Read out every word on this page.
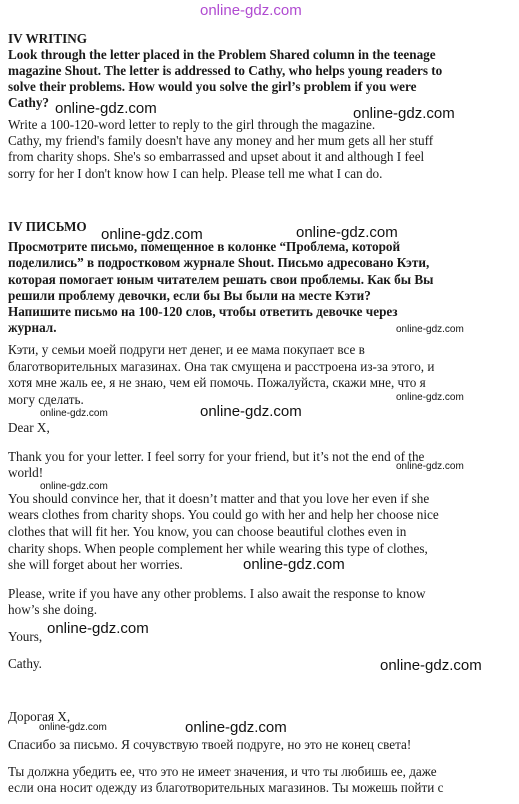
IV WRITING

Look through the letter placed in the Problem Shared column in the teenage

magazine Shout. The letter is addressed to Cathy, who helps young readers to

solve their problems. How would you solve the girl’s problem if you were

Cathy?

Write a 100-120-word letter to reply to the girl through the magazine.

Cathy, my friend's family doesn't have any money and her mum gets all her stuff

from charity shops. She's so embarrassed and upset about it and although I feel

sorry for her I don't know how I can help. Please tell me what I can do.

IV ПИСЬМО

Просмотрите письмо, помещенное в колонке “Проблема, которой

поделились” в подростковом журнале Shout. Письмо адресовано Кэти,

которая помогает юным читателем решать свои проблемы. Как бы Вы

решили проблему девочки, если бы Вы были на месте Кэти?

Напишите письмо на 100-120 слов, чтобы ответить девочке через

журнал.

Кэти, у семьи моей подруги нет денег, и ее мама покупает все в

благотворительных магазинах. Она так смущена и расстроена из-за этого, и

хотя мне жаль ее, я не знаю, чем ей помочь. Пожалуйста, скажи мне, что я

могу сделать.

Dear X,

Thank you for your letter. I feel sorry for your friend, but it’s not the end of the

world!

You should convince her, that it doesn’t matter and that you love her even if she

wears clothes from charity shops. You could go with her and help her choose nice

clothes that will fit her. You know, you can choose beautiful clothes even in

charity shops. When people complement her while wearing this type of clothes,

she will forget about her worries.

Please, write if you have any other problems. I also await the response to know

how’s she doing.

Yours,

Cathy.

Дорогая X,

Спасибо за письмо. Я сочувствую твоей подруге, но это не конец света!

Ты должна убедить ее, что это не имеет значения, и что ты любишь ее, даже

если она носит одежду из благотворительных магазинов. Ты можешь пойти с

online-gdz.com
online-gdz.com	online-gdz.com
online-gdz.com	online-gdz.com
online-gdz.com
online-gdz.com
online-gdz.com	online-gdz.com
online-gdz.com
online-gdz.com
online-gdz.com
online-gdz.com
online-gdz.com
online-gdz.com
online-gdz.com
